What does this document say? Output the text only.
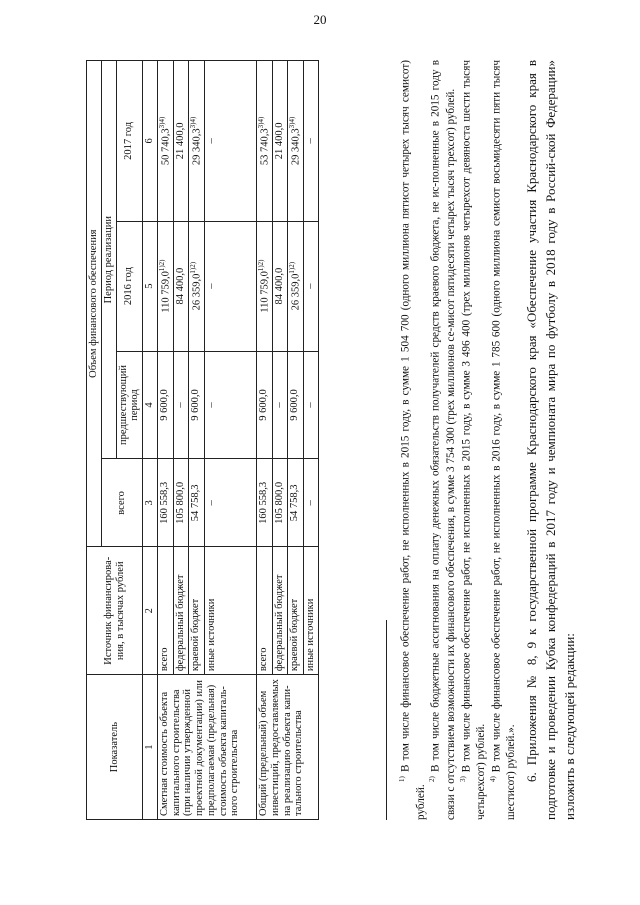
20
Показатель	Источник финансирова-ния, в тысячах рублей	Объем финансового обеспечения			
		всего	Период реализации		
			предшествующий период	2016 год	2017 год
1	2	3	4	5	6
Сметная стоимость объекта капитального строительства (при наличии утвержденной проектной документации) или предполагаемая (предельная) стоимость объекта капиталь-ного строительства	всего	160 558,3	9 600,0	110 $759,0^{1)2)}$	50 $740,3^{3)4)}$
	федеральный бюджет	105 800,0	–	84 400,0	21 400,0
	краевой бюджет	54 758,3	9 600,0	26 $359,0^{1)2)}$	29 $340,3^{3)4)}$
	иные источники	–	–	–	–
Общий (предельный) объем инвестиций, предоставляемых на реализацию объекта капи-тального строительства	всего	160 558,3	9 600,0	110 $759,0^{1)2)}$	53 $740,3^{3)4)}$
	федеральный бюджет	105 800,0	–	84 400,0	21 400,0
	краевой бюджет	54 758,3	9 600,0	26 $359,0^{1)2)}$	29 $340,3^{3)4)}$
	иные источники	–	–	–	–

$^{1)}$ В том числе финансовое обеспечение работ, не исполненных в 2015 году, в сумме 1 504 700 (одного миллиона пятисот четырех тысяч семисот) рублей.

$^{2)}$ В том числе бюджетные ассигнования на оплату денежных обязательств получателей средств краевого бюджета, не ис-полненные в 2015 году в связи с отсутствием возможности их финансового обеспечения, в сумме 3 754 300 (трех миллионов се-мисот пятидесяти четырех тысяч трехсот) рублей. $^{3)}$ В том числе финансовое обеспечение работ, не исполненных в 2015 году, в сумме 3 496 400 (трех миллионов четырехсот девяноста шести тысяч четырехсот) рублей. $^{4)}$ В том числе финансовое обеспечение работ, не исполненных в 2016 году, в сумме 1 785 600 (одного миллиона семисот восьмидесяти пяти тысяч шестисот) рублей.». 6. Приложения № 8, 9 к государственной программе Краснодарского края «Обеспечение участия Краснодарского края в подготовке и проведении Кубка конфедераций в 2017 году и чемпионата мира по футболу в 2018 году в Россий-ской Федерации» изложить в следующей редакции:
